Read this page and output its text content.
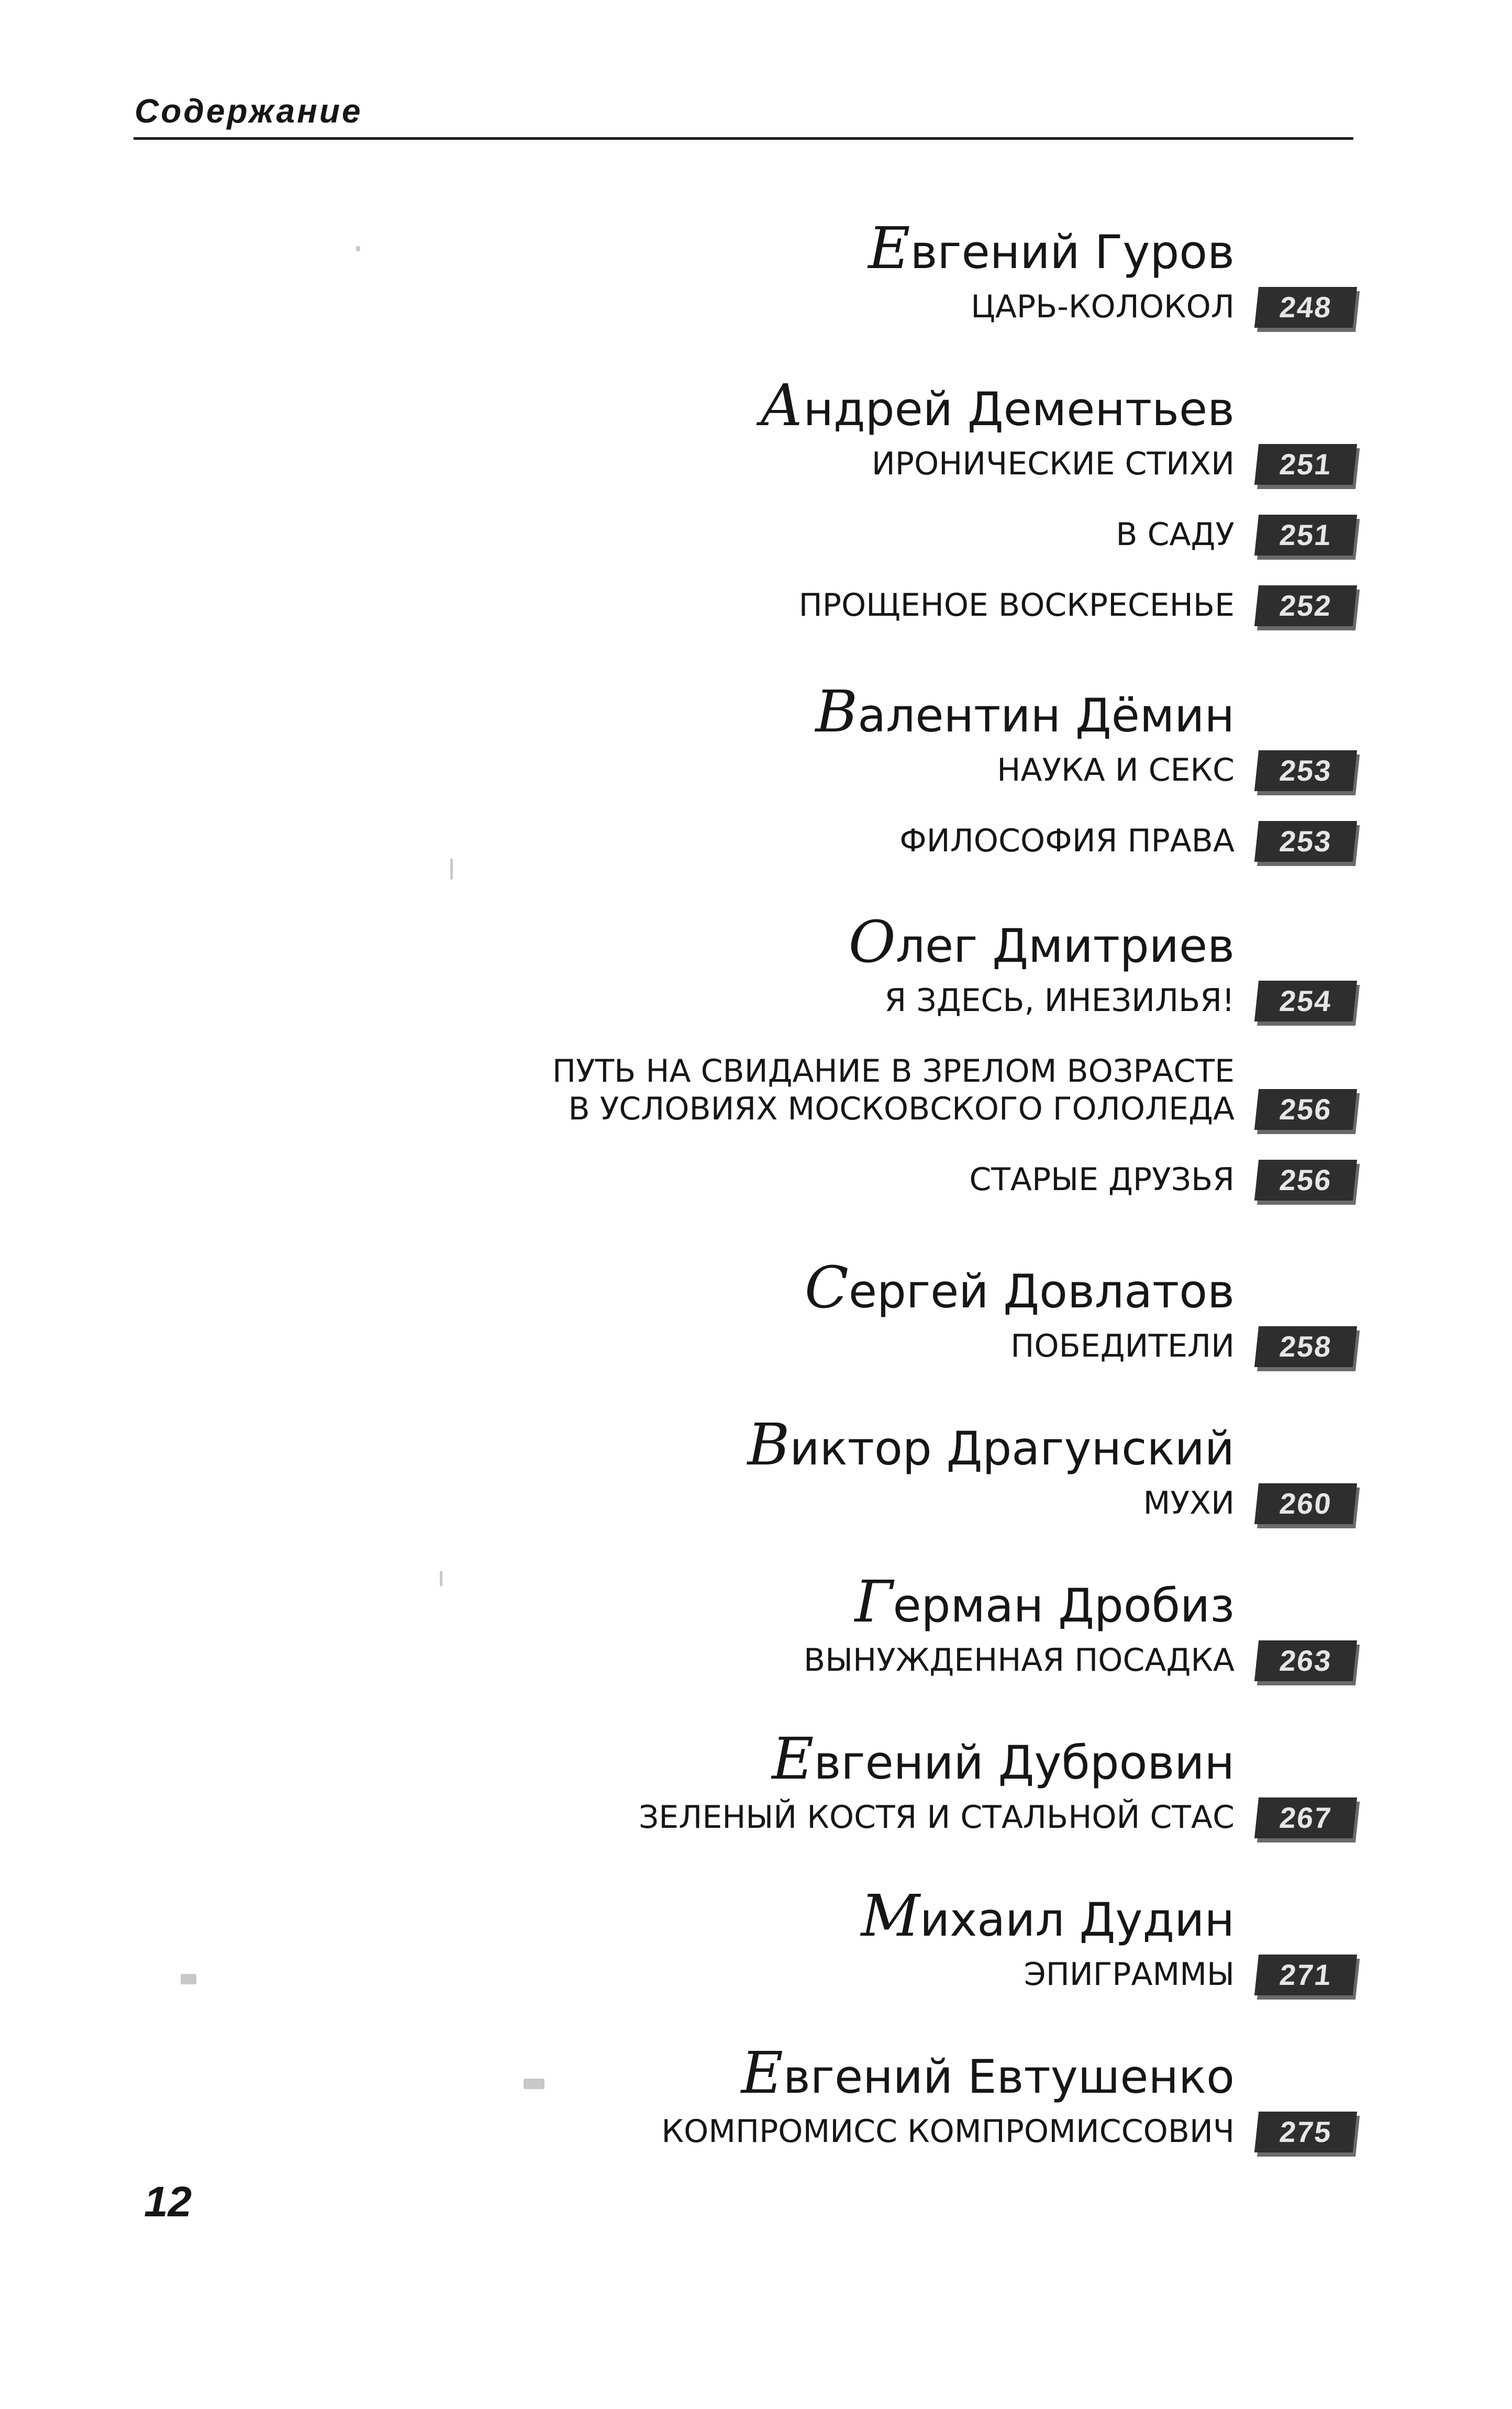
Содержание
Евгений Гуров
ЦАРЬ-КОЛОКОЛ	248
Андрей Дементьев
ИРОНИЧЕСКИЕ СТИХИ	251
В САДУ	251
ПРОЩЕНОЕ ВОСКРЕСЕНЬЕ	252
Валентин Дёмин
НАУКА И СЕКС	253
ФИЛОСОФИЯ ПРАВА	253
Олег Дмитриев
Я ЗДЕСЬ, ИНЕЗИЛЬЯ!	254
ПУТЬ НА СВИДАНИЕ В ЗРЕЛОМ ВОЗРАСТЕ
В УСЛОВИЯХ МОСКОВСКОГО ГОЛОЛЕДА	256
СТАРЫЕ ДРУЗЬЯ	256
Сергей Довлатов
ПОБЕДИТЕЛИ	258
Виктор Драгунский
МУХИ	260
Герман Дробиз
ВЫНУЖДЕННАЯ ПОСАДКА	263
Евгений Дубровин
ЗЕЛЕНЫЙ КОСТЯ И СТАЛЬНОЙ СТАС	267
Михаил Дудин
ЭПИГРАММЫ	271
Евгений Евтушенко
КОМПРОМИСС КОМПРОМИССОВИЧ	275
12
